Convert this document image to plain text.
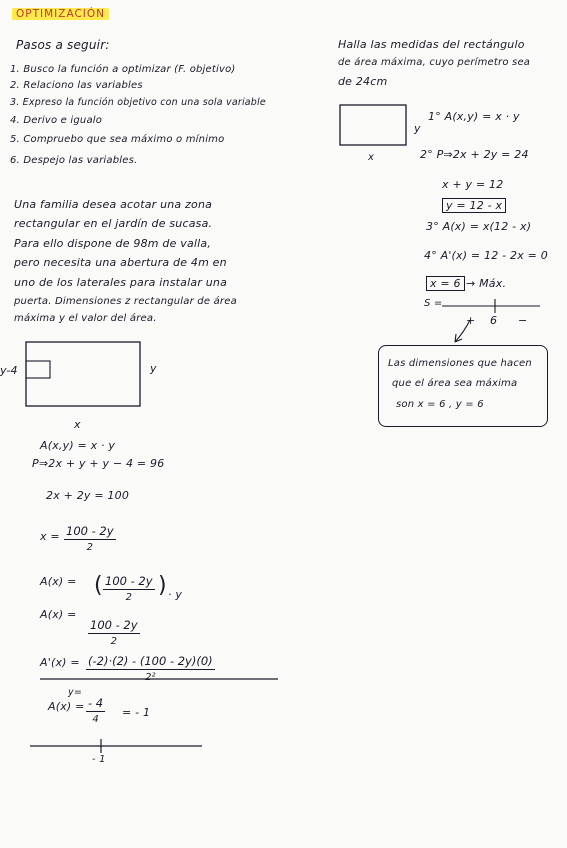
OPTIMIZACIÓN
Pasos a seguir:
1. Busco la función a optimizar (F. objetivo)
2. Relaciono las variables
3. Expreso la función objetivo con una sola variable
4. Derivo e igualo
5. Compruebo que sea máximo o mínimo
6. Despejo las variables.
Una familia desea acotar una zona
rectangular en el jardín de sucasa.
Para ello dispone de 98m de valla,
pero necesita una abertura de 4m en
uno de los laterales para instalar una
puerta. Dimensiones z rectangular de área
máxima y el valor del área.
y-4	y
x
A(x,y) = x · y
P⇒2x + y + y − 4 = 96
2x + 2y = 100
$x = \frac{100 - 2y}{2}$
A(x) = ( $\frac{100 - 2y}{2}$ ) · y
A(x) =
$\frac{100 - 2y}{2}$
$A'(x) = \frac{(-2)\cdot(2) - (100 - 2y)(0)}{\text{2²}}$
y=
$A(x) = \frac{- 4}{4}$ = - 1
- 1
Halla las medidas del rectángulo
de área máxima, cuyo perímetro sea
de 24cm
y
x
1° A(x,y) = x · y
2° P⇒2x + 2y = 24
x + y = 12
y = 12 - x
3° A(x) = x(12 - x)
4° A'(x) = 12 - 2x = 0
x = 6 → Máx.
S =
+ 6 −
Las dimensiones que hacen
que el área sea máxima
son x = 6 , y = 6
